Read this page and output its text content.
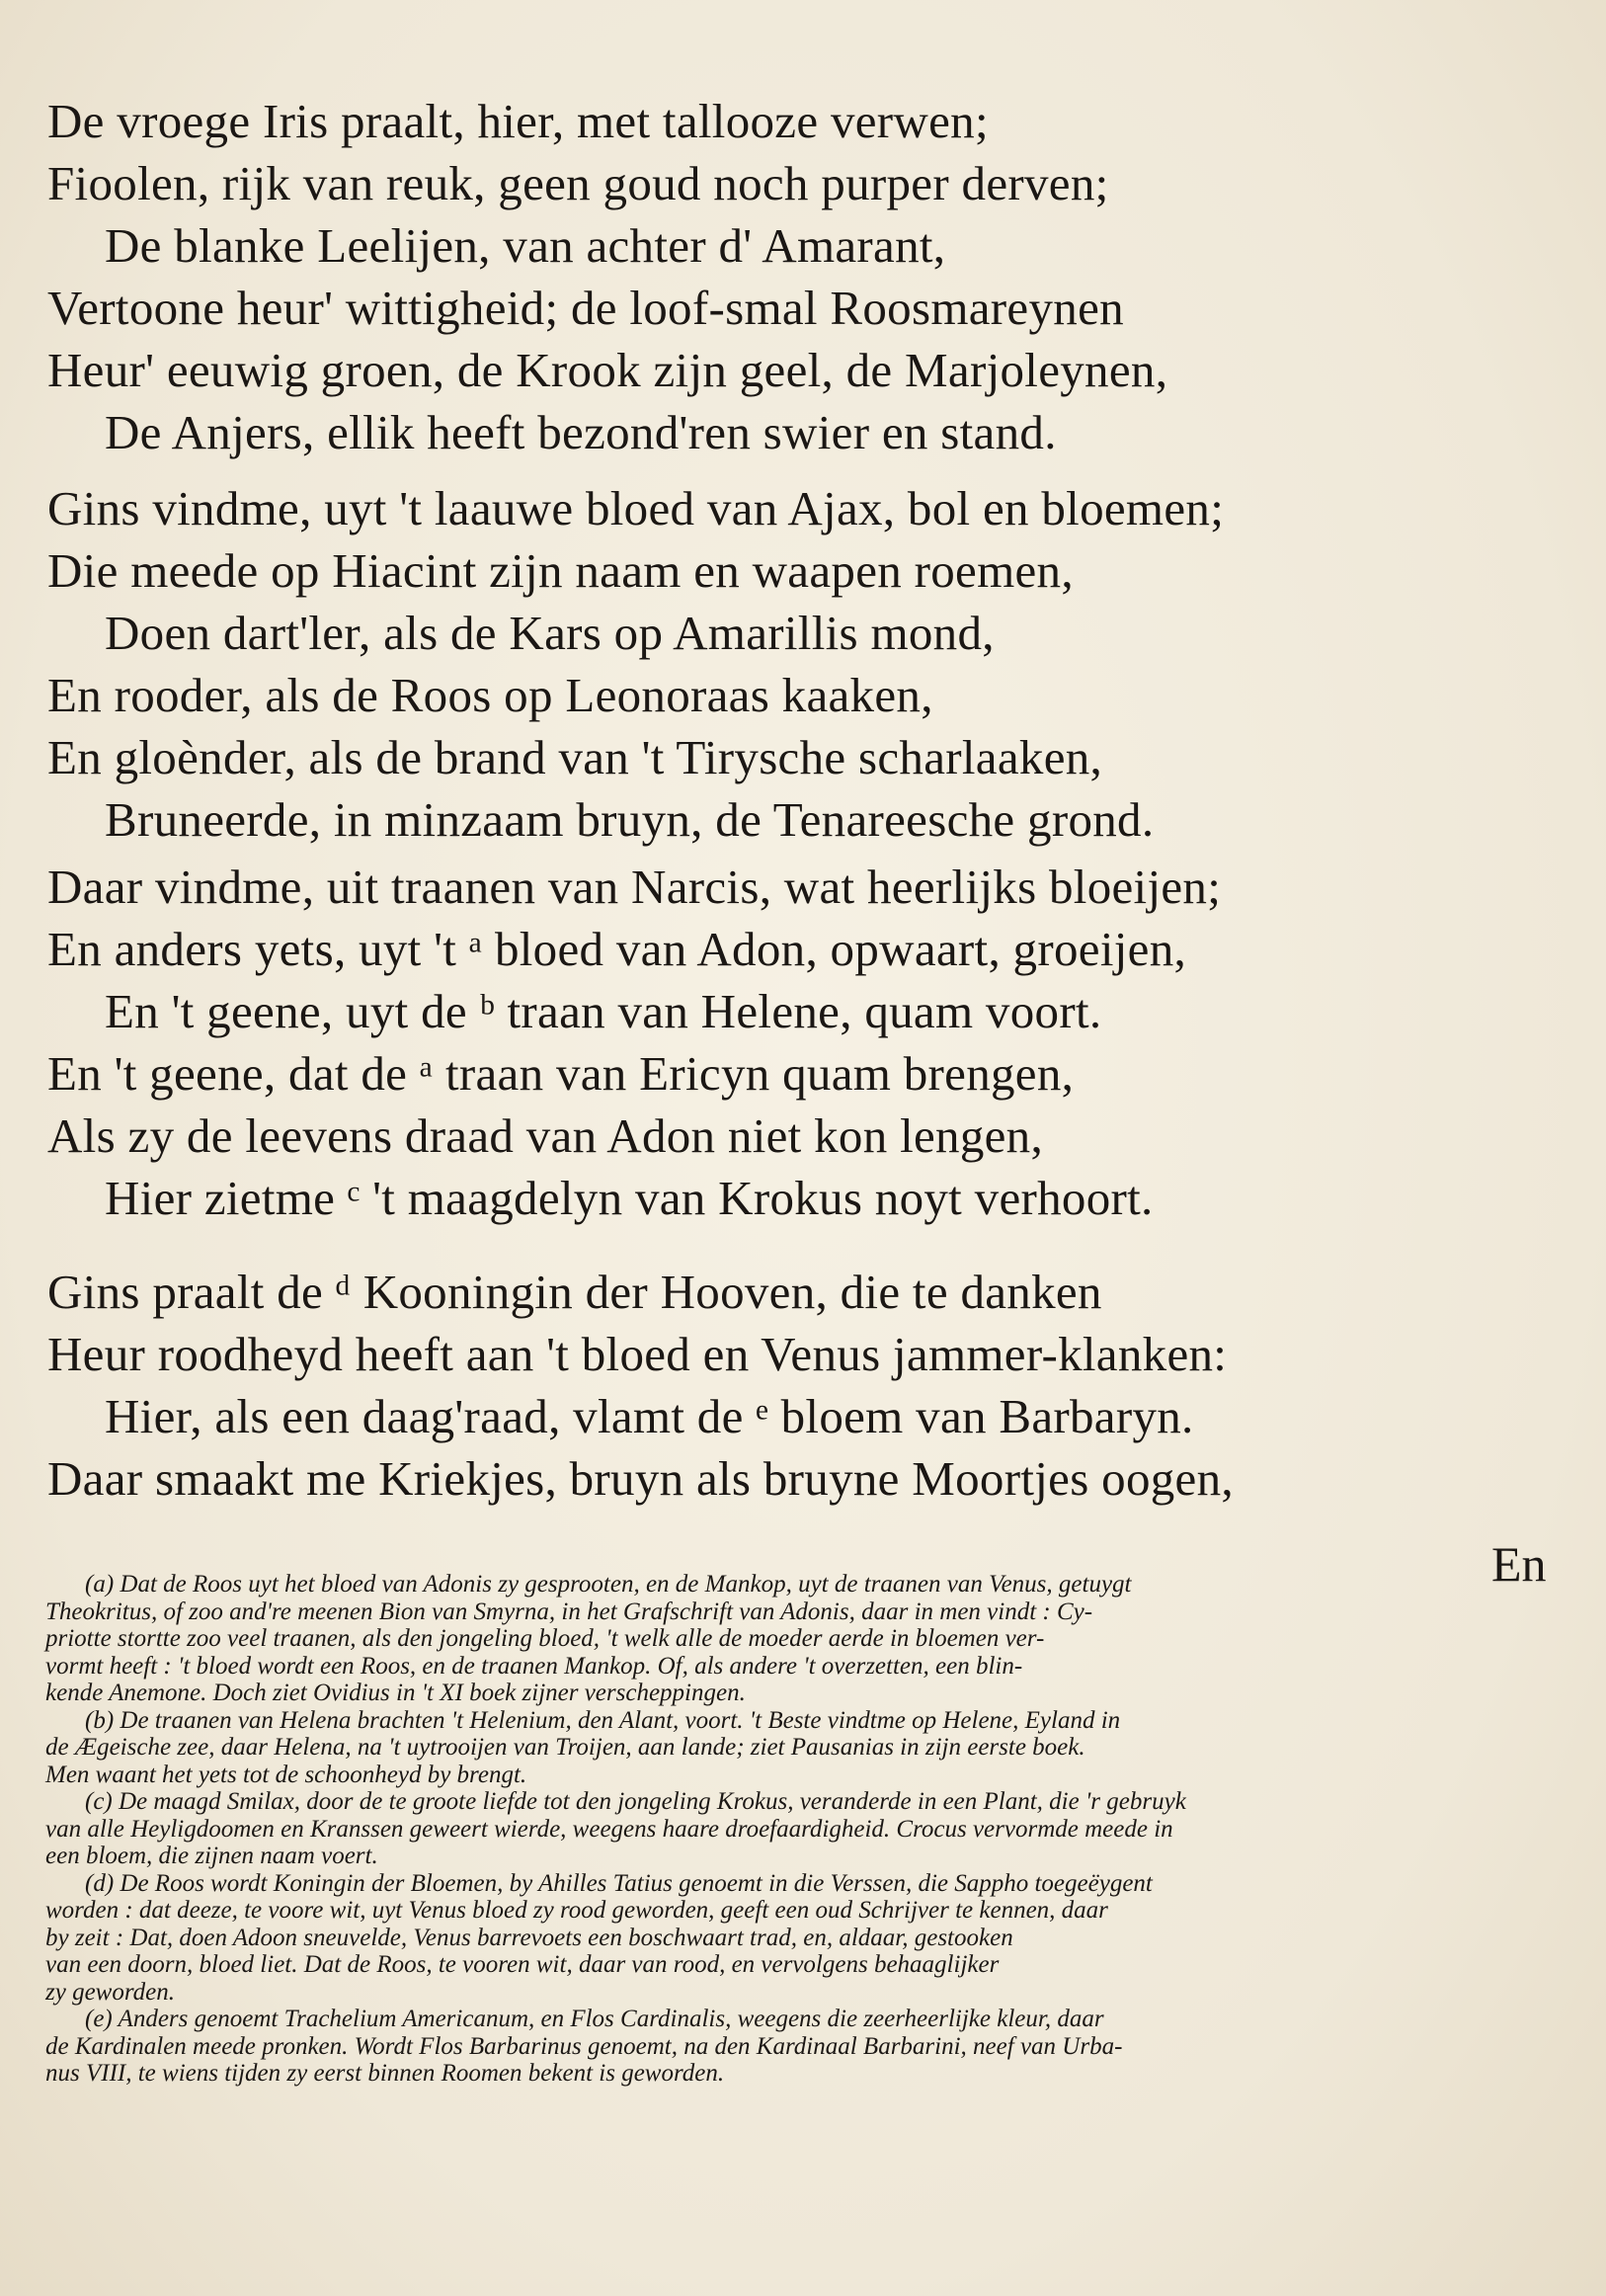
De vroege Iris praalt, hier, met tallooze verwen;
Fioolen, rijk van reuk, geen goud noch purper derven;
De blanke Leelijen, van achter d' Amarant,
Vertoone heur' wittigheid; de loof-smal Roosmareynen
Heur' eeuwig groen, de Krook zijn geel, de Marjoleynen,
De Anjers, ellik heeft bezond'ren swier en stand.
Gins vindme, uyt 't laauwe bloed van Ajax, bol en bloemen;
Die meede op Hiacint zijn naam en waapen roemen,
Doen dart'ler, als de Kars op Amarillis mond,
En rooder, als de Roos op Leonoraas kaaken,
En gloènder, als de brand van 't Tirysche scharlaaken,
Bruneerde, in minzaam bruyn, de Tenareesche grond.
Daar vindme, uit traanen van Narcis, wat heerlijks bloeijen;
En anders yets, uyt 't ᵃ bloed van Adon, opwaart, groeijen,
En 't geene, uyt de ᵇ traan van Helene, quam voort.
En 't geene, dat de ᵃ traan van Ericyn quam brengen,
Als zy de leevens draad van Adon niet kon lengen,
Hier zietme ᶜ 't maagdelyn van Krokus noyt verhoort.
Gins praalt de ᵈ Kooningin der Hooven, die te danken
Heur roodheyd heeft aan 't bloed en Venus jammer-klanken:
Hier, als een daag'raad, vlamt de ᵉ bloem van Barbaryn.
Daar smaakt me Kriekjes, bruyn als bruyne Moortjes oogen,
En

(a) Dat de Roos uyt het bloed van Adonis zy gesprooten, en de Mankop, uyt de traanen van Venus, getuygt
Theokritus, of zoo and're meenen Bion van Smyrna, in het Grafschrift van Adonis, daar in men vindt : Cy-
priotte stortte zoo veel traanen, als den jongeling bloed, 't welk alle de moeder aerde in bloemen ver-
vormt heeft : 't bloed wordt een Roos, en de traanen Mankop. Of, als andere 't overzetten, een blin-
kende Anemone. Doch ziet Ovidius in 't XI boek zijner verscheppingen.

(b) De traanen van Helena brachten 't Helenium, den Alant, voort. 't Beste vindtme op Helene, Eyland in
de Ægeische zee, daar Helena, na 't uytrooijen van Troijen, aan lande; ziet Pausanias in zijn eerste boek.
Men waant het yets tot de schoonheyd by brengt.

(c) De maagd Smilax, door de te groote liefde tot den jongeling Krokus, veranderde in een Plant, die 'r gebruyk
van alle Heyligdoomen en Kranssen geweert wierde, weegens haare droefaardigheid. Crocus vervormde meede in
een bloem, die zijnen naam voert.

(d) De Roos wordt Koningin der Bloemen, by Ahilles Tatius genoemt in die Verssen, die Sappho toegeëygent
worden : dat deeze, te voore wit, uyt Venus bloed zy rood geworden, geeft een oud Schrijver te kennen, daar
by zeit : Dat, doen Adoon sneuvelde, Venus barrevoets een boschwaart trad, en, aldaar, gestooken
van een doorn, bloed liet. Dat de Roos, te vooren wit, daar van rood, en vervolgens behaaglijker
zy geworden.

(e) Anders genoemt Trachelium Americanum, en Flos Cardinalis, weegens die zeerheerlijke kleur, daar
de Kardinalen meede pronken. Wordt Flos Barbarinus genoemt, na den Kardinaal Barbarini, neef van Urba-
nus VIII, te wiens tijden zy eerst binnen Roomen bekent is geworden.
